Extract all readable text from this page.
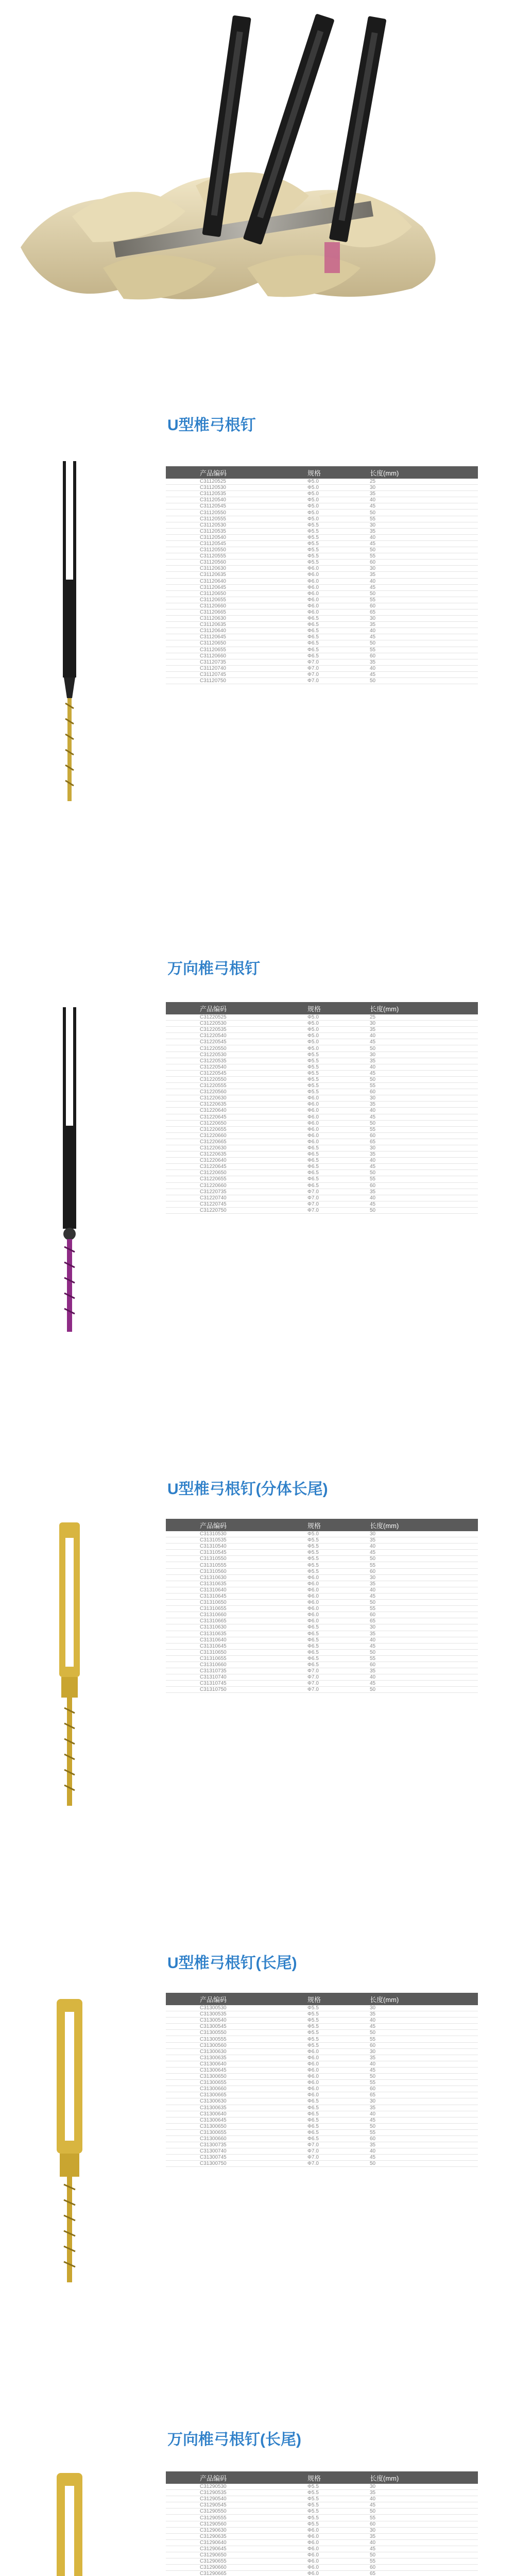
U型椎弓根钉
产品编码	规格	长度(mm)
C31120525	Φ5.0	25
C31120530	Φ5.0	30
C31120535	Φ5.0	35
C31120540	Φ5.0	40
C31120545	Φ5.0	45
C31120550	Φ5.0	50
C31120555	Φ5.0	55
C31120530	Φ5.5	30
C31120535	Φ5.5	35
C31120540	Φ5.5	40
C31120545	Φ5.5	45
C31120550	Φ5.5	50
C31120555	Φ5.5	55
C31120560	Φ5.5	60
C31120630	Φ6.0	30
C31120635	Φ6.0	35
C31120640	Φ6.0	40
C31120645	Φ6.0	45
C31120650	Φ6.0	50
C31120655	Φ6.0	55
C31120660	Φ6.0	60
C31120665	Φ6.0	65
C31120630	Φ6.5	30
C31120635	Φ6.5	35
C31120640	Φ6.5	40
C31120645	Φ6.5	45
C31120650	Φ6.5	50
C31120655	Φ6.5	55
C31120660	Φ6.5	60
C31120735	Φ7.0	35
C31120740	Φ7.0	40
C31120745	Φ7.0	45
C31120750	Φ7.0	50
万向椎弓根钉
产品编码	规格	长度(mm)
C31220525	Φ5.0	25
C31220530	Φ5.0	30
C31220535	Φ5.0	35
C31220540	Φ5.0	40
C31220545	Φ5.0	45
C31220550	Φ5.0	50
C31220530	Φ5.5	30
C31220535	Φ5.5	35
C31220540	Φ5.5	40
C31220545	Φ5.5	45
C31220550	Φ5.5	50
C31220555	Φ5.5	55
C31220560	Φ5.5	60
C31220630	Φ6.0	30
C31220635	Φ6.0	35
C31220640	Φ6.0	40
C31220645	Φ6.0	45
C31220650	Φ6.0	50
C31220655	Φ6.0	55
C31220660	Φ6.0	60
C31220665	Φ6.0	65
C31220630	Φ6.5	30
C31220635	Φ6.5	35
C31220640	Φ6.5	40
C31220645	Φ6.5	45
C31220650	Φ6.5	50
C31220655	Φ6.5	55
C31220660	Φ6.5	60
C31220735	Φ7.0	35
C31220740	Φ7.0	40
C31220745	Φ7.0	45
C31220750	Φ7.0	50
U型椎弓根钉(分体长尾)
产品编码	规格	长度(mm)
C31310530	Φ5.0	30
C31310535	Φ5.5	35
C31310540	Φ5.5	40
C31310545	Φ5.5	45
C31310550	Φ5.5	50
C31310555	Φ5.5	55
C31310560	Φ5.5	60
C31310630	Φ6.0	30
C31310635	Φ6.0	35
C31310640	Φ6.0	40
C31310645	Φ6.0	45
C31310650	Φ6.0	50
C31310655	Φ6.0	55
C31310660	Φ6.0	60
C31310665	Φ6.0	65
C31310630	Φ6.5	30
C31310635	Φ6.5	35
C31310640	Φ6.5	40
C31310645	Φ6.5	45
C31310650	Φ6.5	50
C31310655	Φ6.5	55
C31310660	Φ6.5	60
C31310735	Φ7.0	35
C31310740	Φ7.0	40
C31310745	Φ7.0	45
C31310750	Φ7.0	50
U型椎弓根钉(长尾)
产品编码	规格	长度(mm)
C31300530	Φ5.5	30
C31300535	Φ5.5	35
C31300540	Φ5.5	40
C31300545	Φ5.5	45
C31300550	Φ5.5	50
C31300555	Φ5.5	55
C31300560	Φ5.5	60
C31300630	Φ6.0	30
C31300635	Φ6.0	35
C31300640	Φ6.0	40
C31300645	Φ6.0	45
C31300650	Φ6.0	50
C31300655	Φ6.0	55
C31300660	Φ6.0	60
C31300665	Φ6.0	65
C31300630	Φ6.5	30
C31300635	Φ6.5	35
C31300640	Φ6.5	40
C31300645	Φ6.5	45
C31300650	Φ6.5	50
C31300655	Φ6.5	55
C31300660	Φ6.5	60
C31300735	Φ7.0	35
C31300740	Φ7.0	40
C31300745	Φ7.0	45
C31300750	Φ7.0	50
万向椎弓根钉(长尾)
产品编码	规格	长度(mm)
C31290530	Φ5.5	30
C31290535	Φ5.5	35
C31290540	Φ5.5	40
C31290545	Φ5.5	45
C31290550	Φ5.5	50
C31290555	Φ5.5	55
C31290560	Φ5.5	60
C31290630	Φ6.0	30
C31290635	Φ6.0	35
C31290640	Φ6.0	40
C31290645	Φ6.0	45
C31290650	Φ6.0	50
C31290655	Φ6.0	55
C31290660	Φ6.0	60
C31290665	Φ6.0	65
